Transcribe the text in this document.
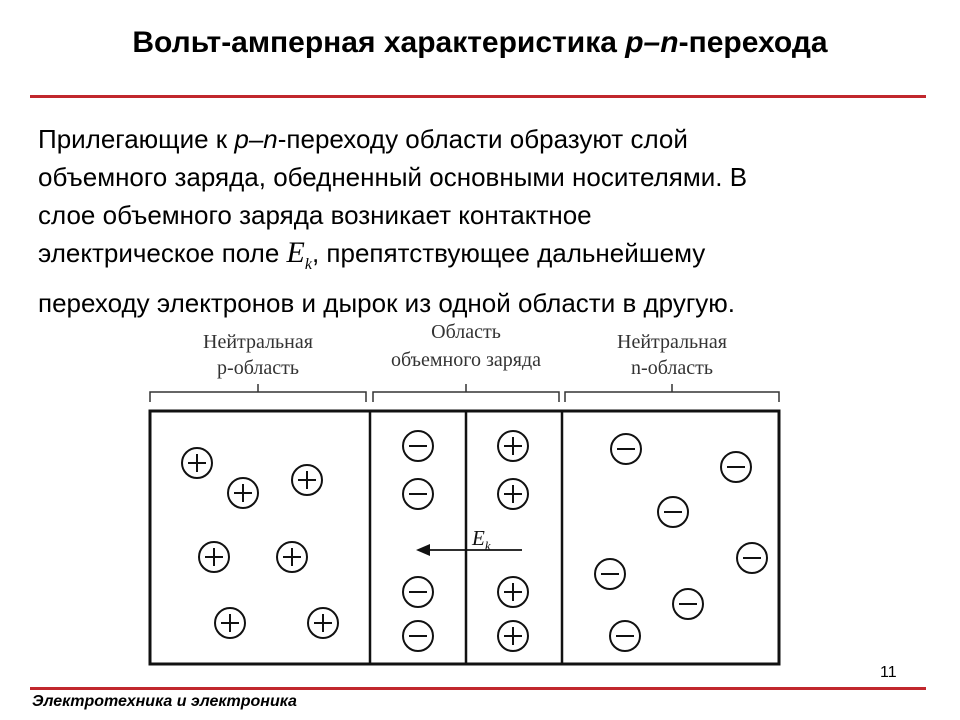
Вольт-амперная характеристика p–n-перехода
Прилегающие к p–n-переходу области образуют слой
объемного заряда, обедненный основными носителями. В
слое объемного заряда возникает контактное
электрическое поле $E_k$, препятствующее дальнейшему
переходу электронов и дырок из одной области в другую.
Нейтральная
p-область
Область
объемного заряда
Нейтральная
n-область
$E_k$
11
Электротехника и электроника
